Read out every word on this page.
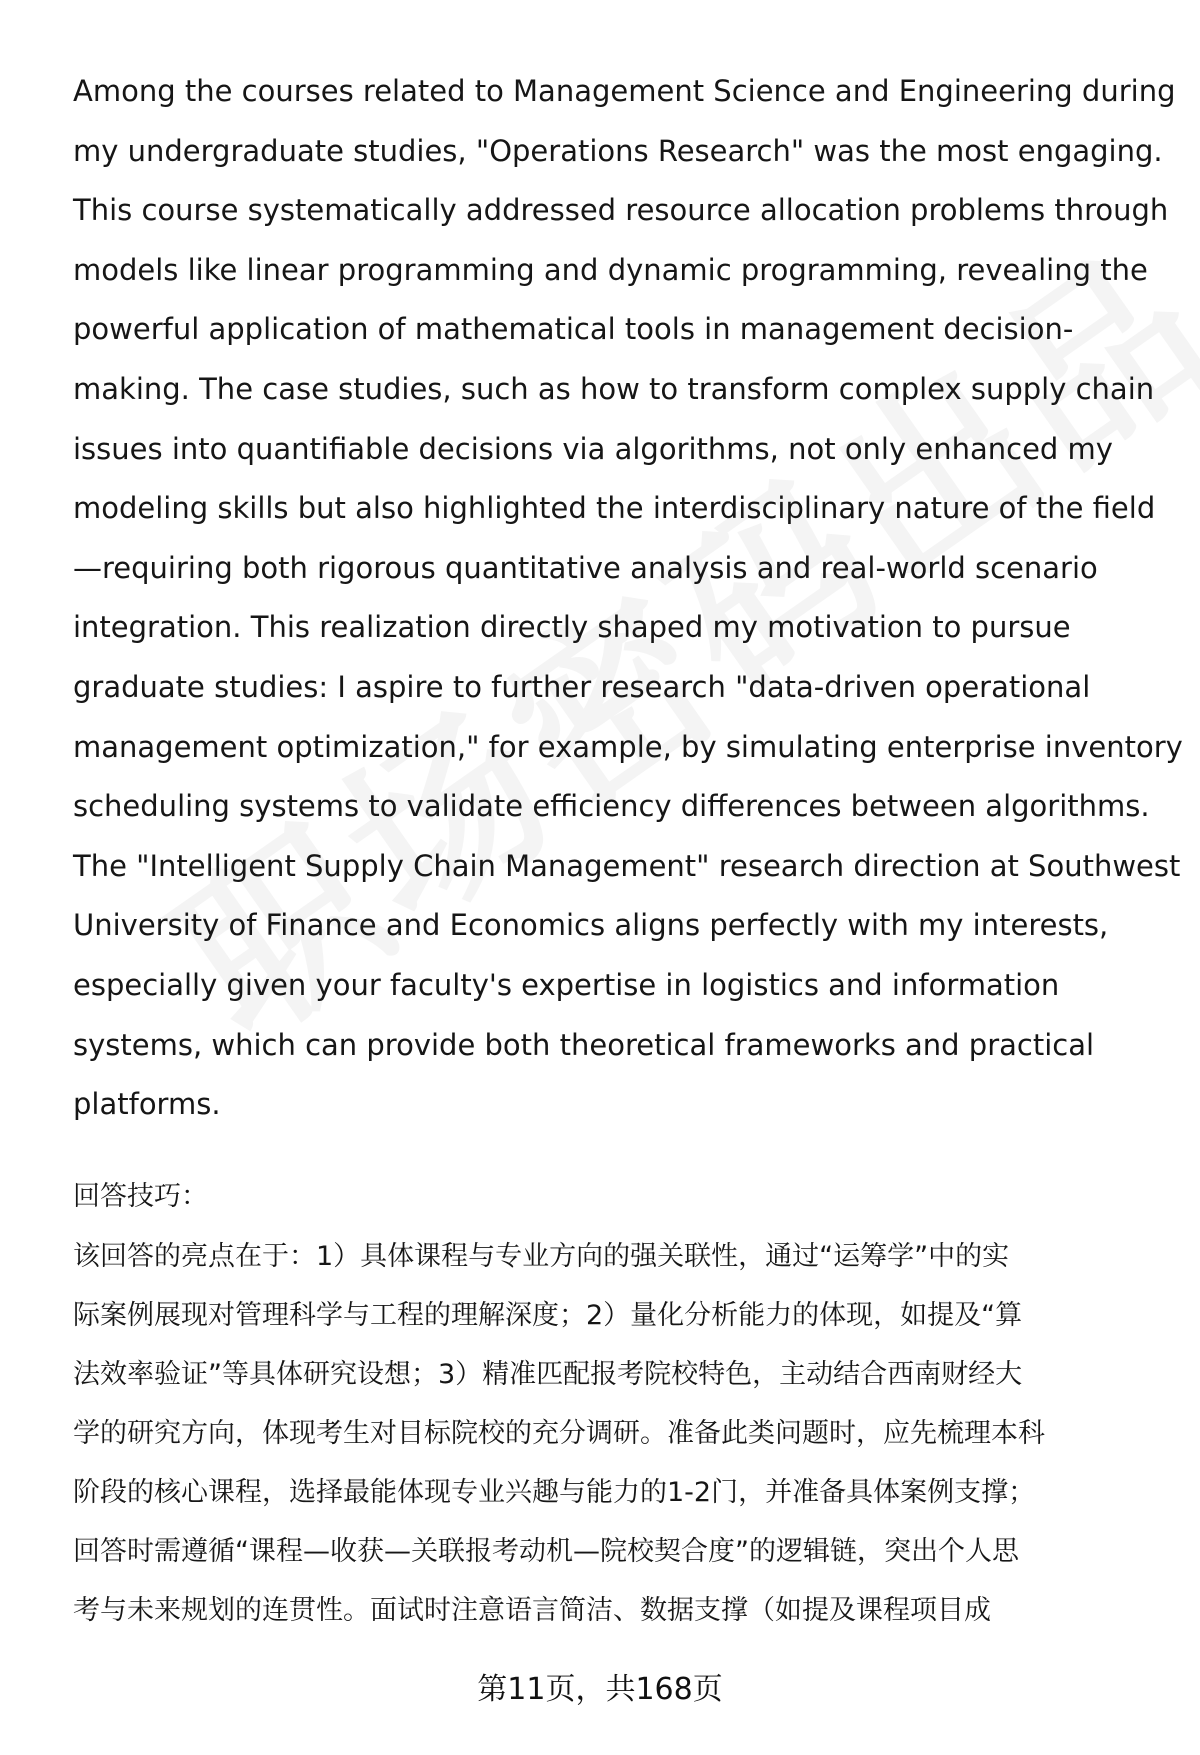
Among the courses related to Management Science and Engineering during
my undergraduate studies, "Operations Research" was the most engaging.
This course systematically addressed resource allocation problems through
models like linear programming and dynamic programming, revealing the
powerful application of mathematical tools in management decision-
making. The case studies, such as how to transform complex supply chain
issues into quantifiable decisions via algorithms, not only enhanced my
modeling skills but also highlighted the interdisciplinary nature of the field
—requiring both rigorous quantitative analysis and real-world scenario
integration. This realization directly shaped my motivation to pursue
graduate studies: I aspire to further research "data-driven operational
management optimization," for example, by simulating enterprise inventory
scheduling systems to validate efficiency differences between algorithms.
The "Intelligent Supply Chain Management" research direction at Southwest
University of Finance and Economics aligns perfectly with my interests,
especially given your faculty's expertise in logistics and information
systems, which can provide both theoretical frameworks and practical
platforms.
回答技巧：
该回答的亮点在于：1）具体课程与专业方向的强关联性，通过“运筹学”中的实
际案例展现对管理科学与工程的理解深度；2）量化分析能力的体现，如提及“算
法效率验证”等具体研究设想；3）精准匹配报考院校特色，主动结合西南财经大
学的研究方向，体现考生对目标院校的充分调研。准备此类问题时，应先梳理本科
阶段的核心课程，选择最能体现专业兴趣与能力的1-2门，并准备具体案例支撑；
回答时需遵循“课程—收获—关联报考动机—院校契合度”的逻辑链，突出个人思
考与未来规划的连贯性。面试时注意语言简洁、数据支撑（如提及课程项目成
第11页，共168页
